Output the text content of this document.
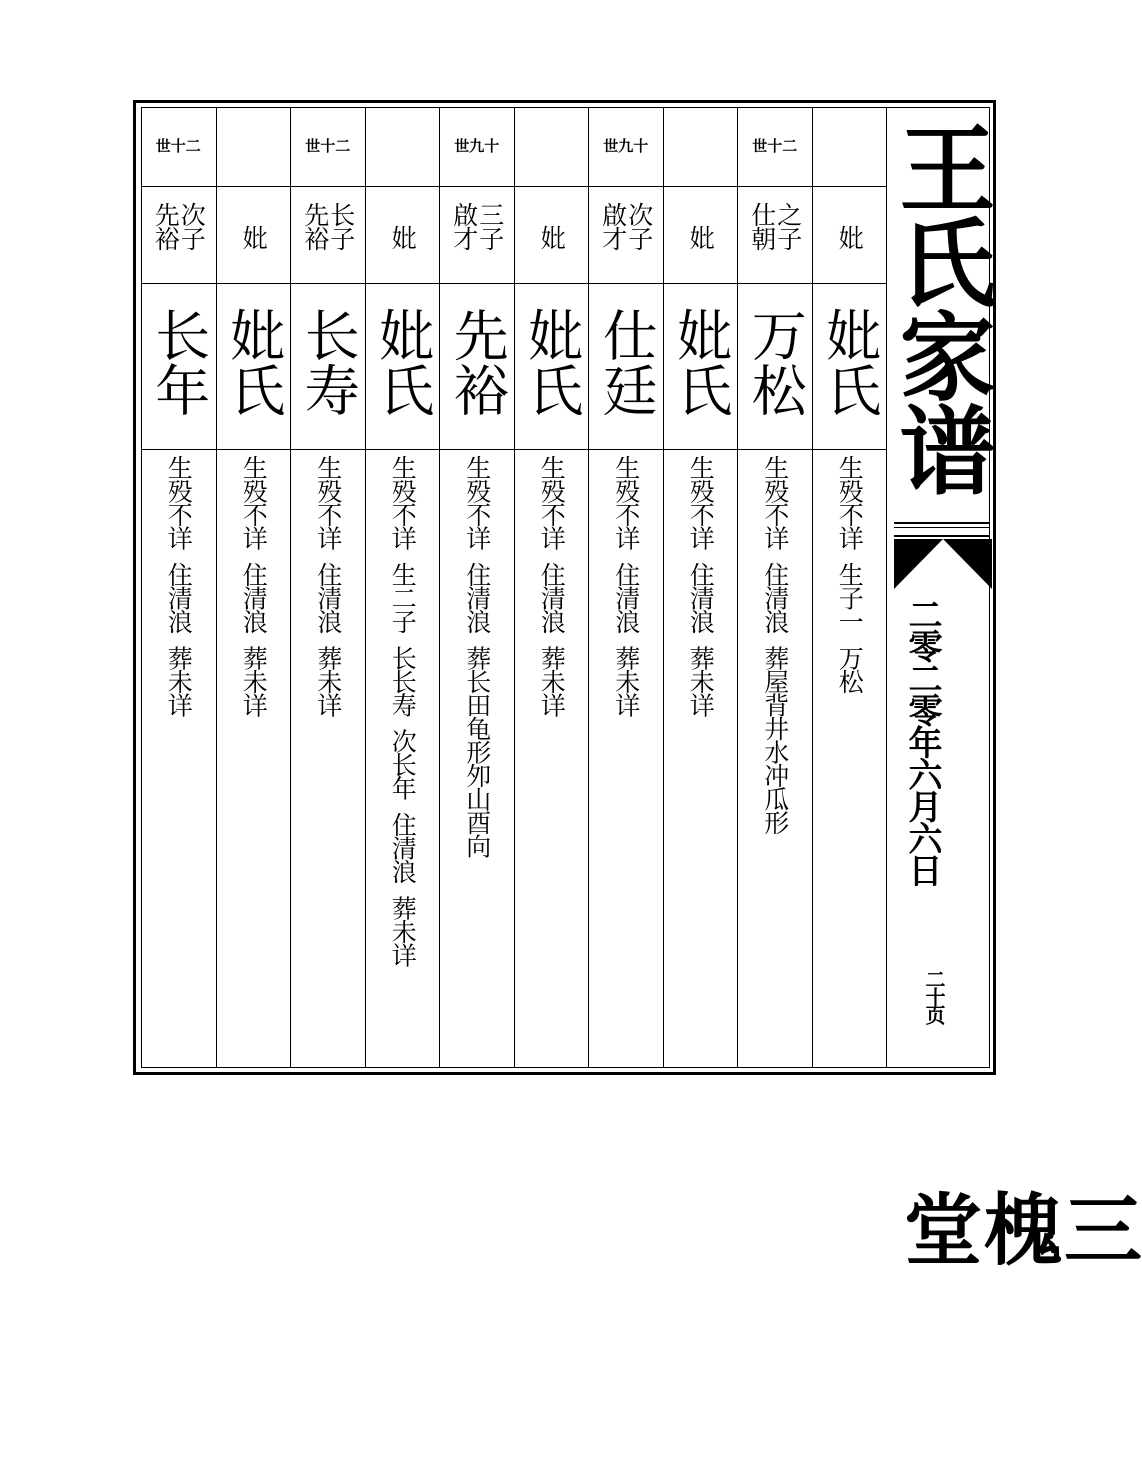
世十二
次子先裕
长年
生殁不详  住清浪  葬未详
妣
妣氏
生殁不详  住清浪  葬未详
世十二
长子先裕
长寿
生殁不详  住清浪  葬未详
妣
妣氏
生殁不详  生二子  长长寿  次长年  住清浪  葬未详
世九十
三子啟才
先裕
生殁不详  住清浪  葬长田龟形夘山酉向
妣
妣氏
生殁不详  住清浪  葬未详
世九十
次子啟才
仕廷
生殁不详  住清浪  葬未详
妣
妣氏
生殁不详  住清浪  葬未详
世十二
之子仕朝
万松
生殁不详  住清浪  葬屋背井水冲瓜形
妣
妣氏
生殁不详  生子一  万松
王氏家谱
二零二零年六月六日
二十页
三槐堂
